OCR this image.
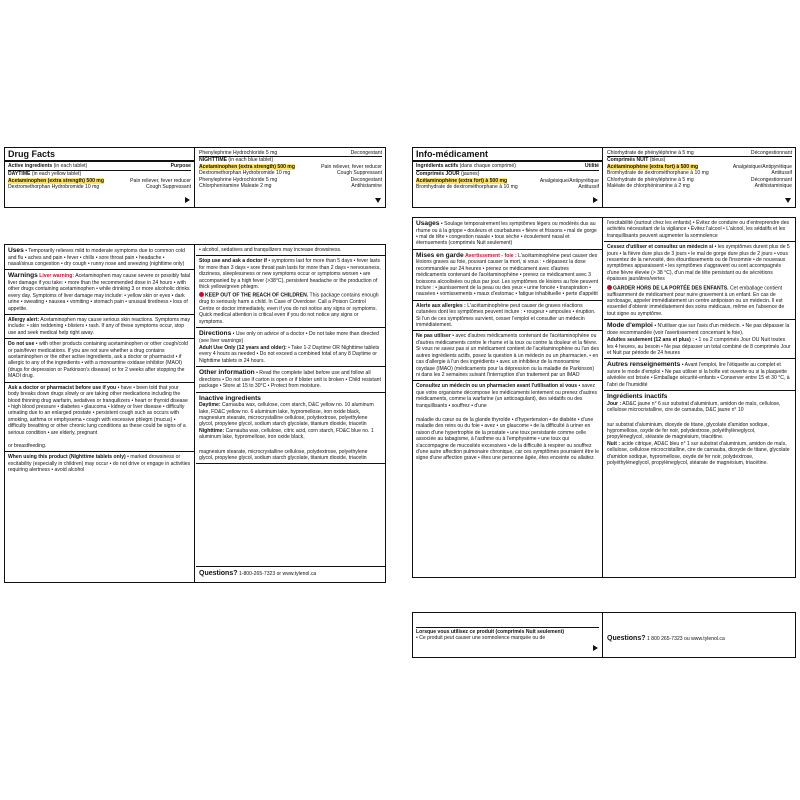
Drug Facts
Active ingredients (in each tablet)	Purpose
DAYTIME (in each yellow tablet)
Acetaminophen (extra strength) 500 mg	Pain reliever, fever reducer
Dextromethorphan Hydrobromide 10 mg	Cough Suppressant
Phenylephrine Hydrochloride 5 mg	Decongestant
NIGHTTIME (in each blue tablet)
Acetaminophen (extra strength) 500 mg	Pain reliever, fever reducer
Dextromethorphan Hydrobromide 10 mg	Cough Suppressant
Phenylephrine Hydrochloride 5 mg	Decongestant
Chlorpheniramine Maleate 2 mg	Antihistamine
Uses • Temporarily relieves mild to moderate symptoms due to common cold and flu • aches and pain • fever • chills • sore throat pain • headache • nasal/sinus congestion • dry cough • runny nose and sneezing (nighttime only)
Warnings Liver warning: Acetaminophen may cause severe or possibly fatal liver damage if you take: • more than the recommended dose in 24 hours • with other drugs containing acetaminophen • while drinking 3 or more alcoholic drinks every day. Symptoms of liver damage may include: • yellow skin or eyes • dark urine • sweating • nausea • vomiting • stomach pain • unusual tiredness • loss of appetite.
Allergy alert: Acetaminophen may cause serious skin reactions. Symptoms may include: • skin reddening • blisters • rash. If any of these symptoms occur, stop use and seek medical help right away.
Do not use • with other products containing acetaminophen or other cough/cold or pain/fever medications. If you are not sure whether a drug contains acetaminophen or the other active ingredients, ask a doctor or pharmacist • if allergic to any of the ingredients • with a monoamine oxidase inhibitor (MAOI) (drugs for depression or Parkinson's disease) or for 2 weeks after stopping the MAOI drug.
Ask a doctor or pharmacist before use if you • have • been told that your body breaks down drugs slowly or are taking other medications including the blood thinning drug warfarin, sedatives or tranquilizers • heart or thyroid disease • high blood pressure • diabetes • glaucoma • kidney or liver disease • difficulty urinating due to an enlarged prostate • persistent cough such as occurs with smoking, asthma or emphysema • cough with excessive phlegm (mucus) • difficulty breathing or other chronic lung conditions as these could be signs of a serious condition • are elderly, pregnant
or breastfeeding.
When using this product (Nighttime tablets only) • marked drowsiness or excitability (especially in children) may occur • do not drive or engage in activities requiring alertness • avoid alcohol
• alcohol, sedatives and tranquilizers may increase drowsiness.
Stop use and ask a doctor if • symptoms last for more than 5 days • fever lasts for more than 3 days • sore throat pain lasts for more than 2 days • nervousness, dizziness, sleeplessness or new symptoms occur or symptoms worsen • are accompanied by a high fever (>38°C), persistent headache or the production of thick yellow/green phlegm.
KEEP OUT OF THE REACH OF CHILDREN. This package contains enough drug to seriously harm a child. In Case of Overdose: Call a Poison Control Centre or doctor immediately, even if you do not notice any signs or symptoms. Quick medical attention is critical even if you do not notice any signs or symptoms.
Directions • Use only on advice of a doctor • Do not take more than directed (see liver warnings)
Adult Use Only (12 years and older): • Take 1-2 Daytime OR Nighttime tablets every 4 hours as needed • Do not exceed a combined total of any 8 Daytime or Nighttime tablets in 24 hours.
Other information • Read the complete label before use and follow all directions • Do not use if carton is open or if blister unit is broken • Child resistant package • Store at 15 to 30°C • Protect from moisture.
Inactive ingredients
Daytime: Carnauba wax, cellulose, corn starch, D&C yellow no. 10 aluminum lake, FD&C yellow no. 6 aluminum lake, hypromellose, iron oxide black, magnesium stearate, microcrystalline cellulose, polydextrose, polyethylene glycol, propylene glycol, sodium starch glycolate, titanium dioxide, triacetin
Nighttime: Carnauba wax, cellulose, citric acid, corn starch, FD&C blue no. 1 aluminum lake, hypromellose, iron oxide black,
magnesium stearate, microcrystalline cellulose, polydextrose, polyethylene glycol, propylene glycol, sodium starch glycolate, titanium dioxide, triacetin
Questions? 1-800-265-7323 or www.tylenol.ca
Info-médicament
Ingrédients actifs (dans chaque comprimé)	Utilité
Comprimés JOUR (jaunes)
Acétaminophène (extra fort) à 500 mg	Analgésique/Antipyrétique
Bromhydrate de dextrométhorphane à 10 mg	Antitussif
Chlorhydrate de phényléphrine à 5 mg	Décongestionnant
Comprimés NUIT (bleus)
Acétaminophène (extra fort) à 500 mg	Analgésique/Antipyrétique
Bromhydrate de dextrométhorphane à 10 mg	Antitussif
Chlorhydrate de phényléphrine à 5 mg	Décongestionnant
Maléate de chlorphéniramine à 2 mg	Antihistaminique
Usages • Soulage temporairement les symptômes légers ou modérés dus au rhume ou à la grippe • douleurs et courbatures • fièvre et frissons • mal de gorge • mal de tête • congestion nasale • toux sèche • écoulement nasal et éternuements (comprimés Nuit seulement)
Mises en garde Avertissement - foie : L'acétaminophène peut causer des lésions graves au foie, pouvant causer la mort, si vous : • dépassez la dose recommandée sur 24 heures • prenez ce médicament avec d'autres médicaments contenant de l'acétaminophène • prenez ce médicament avec 3 boissons alcoolisées ou plus par jour. Les symptômes de lésions au foie peuvent inclure : • jaunissement de la peau ou des yeux • urine foncée • transpiration • nausées • vomissements • maux d'estomac • fatigue inhabituelle • perte d'appétit
Alerte aux allergies : L'acétaminophène peut causer de graves réactions cutanées dont les symptômes peuvent inclure : • rougeur • ampoules • éruption. Si l'un de ces symptômes survient, cesser l'emploi et consulter un médecin immédiatement.
Ne pas utiliser • avec d'autres médicaments contenant de l'acétaminophène ou d'autres médicaments contre le rhume et la toux ou contre la douleur et la fièvre. Si vous ne savez pas si un médicament contient de l'acétaminophène ou l'un des autres ingrédients actifs, posez la question à un médecin ou un pharmacien. • en cas d'allergie à l'un des ingrédients • avec un inhibiteur de la monoamine oxydase (IMAO) (médicaments pour la dépression ou la maladie de Parkinson) ni dans les 2 semaines suivant l'interruption d'un traitement par un IMAO
Consultez un médecin ou un pharmacien avant l'utilisation si vous • savez que votre organisme décompose les médicaments lentement ou prenez d'autres médicaments, comme la warfarine (un anticoagulant), des sédatifs ou des tranquillisants • souffrez • d'une
maladie du cœur ou de la glande thyroïde • d'hypertension • de diabète • d'une maladie des reins ou du foie • avez • un glaucome • de la difficulté à uriner en raison d'une hypertrophie de la prostate • une toux persistante comme celle associée au tabagisme, à l'asthme ou à l'emphysème • une toux qui s'accompagne de mucosités excessives • de la difficulté à respirer ou souffrez d'une autre affection pulmonaire chronique, car ces symptômes pourraient être le signe d'une affection grave • êtes une personne âgée, êtes enceinte ou allaitez
l'excitabilité (surtout chez les enfants) • Évitez de conduire ou d'entreprendre des activités nécessitant de la vigilance • Évitez l'alcool • L'alcool, les sédatifs et les tranquillisants peuvent augmenter la somnolence
Cessez d'utiliser et consultez un médecin si • les symptômes durent plus de 5 jours • la fièvre dure plus de 3 jours • le mal de gorge dure plus de 2 jours • vous ressentez de la nervosité, des étourdissements ou de l'insomnie • de nouveaux symptômes apparaissent • les symptômes s'aggravent ou sont accompagnés d'une fièvre élevée (> 38 °C), d'un mal de tête persistant ou de sécrétions épaisses jaunâtres/vertes
GARDER HORS DE LA PORTÉE DES ENFANTS. Cet emballage contient suffisamment de médicament pour nuire gravement à un enfant. En cas de surdosage, appeler immédiatement un centre antipoison ou un médecin. Il est essentiel d'obtenir immédiatement des soins médicaux, même en l'absence de tout signe ou symptôme.
Mode d'emploi • N'utiliser que sur l'avis d'un médecin. • Ne pas dépasser la dose recommandée (voir l'avertissement concernant le foie).
Adultes seulement (12 ans et plus) : • 1 ou 2 comprimés Jour OU Nuit toutes les 4 heures, au besoin • Ne pas dépasser un total combiné de 8 comprimés Jour et Nuit par période de 24 heures
Autres renseignements • Avant l'emploi, lire l'étiquette au complet et suivre le mode d'emploi • Ne pas utiliser si la boîte est ouverte ou si la plaquette alvéolée est brisée • Emballage sécurité-enfants • Conserver entre 15 et 30 °C, à l'abri de l'humidité
Ingrédients inactifs
Jour : AD&C jaune n° 6 sur substrat d'aluminium, amidon de maïs, cellulose, cellulose microcristalline, cire de carnauba, D&C jaune n° 10
sur substrat d'aluminium, dioxyde de titane, glycolate d'amidon sodique, hypromellose, oxyde de fer noir, polydextrose, polyéthylèneglycol, propylèneglycol, stéarate de magnésium, triacétine.
Nuit : acide citrique, AD&C bleu n° 1 sur substrat d'aluminium, amidon de maïs, cellulose, cellulose microcristalline, cire de carnauba, dioxyde de titane, glycolate d'amidon sodique, hypromellose, oxyde de fer noir, polydextrose, polyéthylèneglycol, propylèneglycol, stéarate de magnésium, triacétine.
Lorsque vous utilisez ce produit (comprimés Nuit seulement)
• Ce produit peut causer une somnolence marquée ou de	Questions? 1 800 265-7323 ou www.tylenol.ca
